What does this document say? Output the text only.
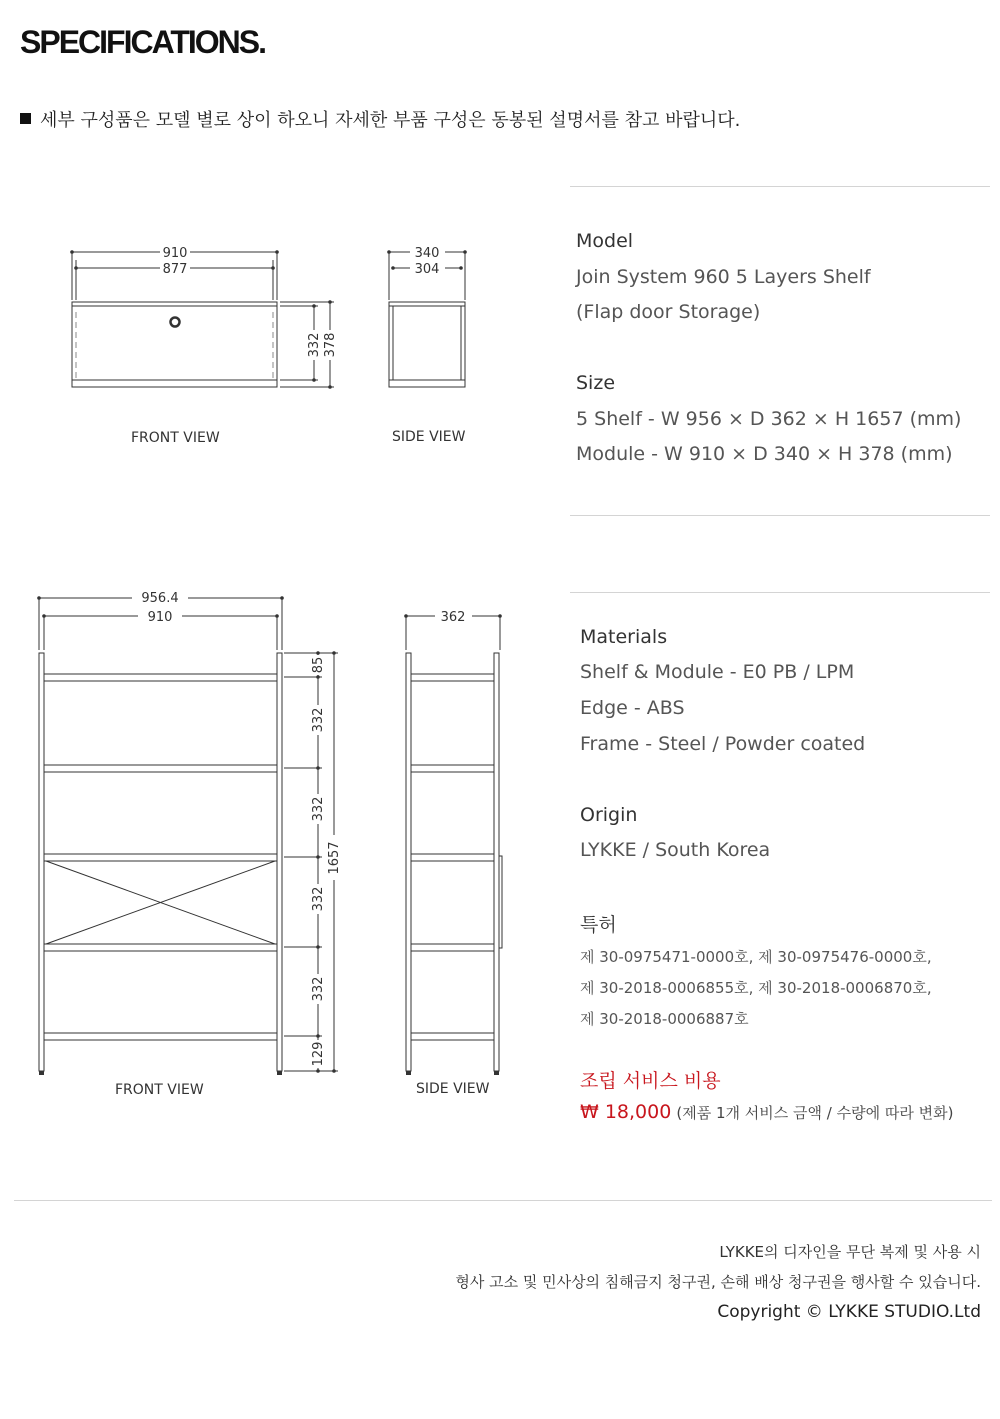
SPECIFICATIONS.
세부 구성품은 모델 별로 상이 하오니 자세한 부품 구성은 동봉된 설명서를 참고 바랍니다.
910
877
332 378
340
304
FRONT VIEW	SIDE VIEW
956.4
910	362
85
332
332
332
332
129
1657
FRONT VIEW	SIDE VIEW
Model
Join System 960 5 Layers Shelf
(Flap door Storage)
Size
5 Shelf - W 956 × D 362 × H 1657 (mm)
Module - W 910 × D 340 × H 378 (mm)
Materials
Shelf & Module - E0 PB / LPM
Edge - ABS
Frame - Steel / Powder coated
Origin
LYKKE / South Korea
특허
제 30-0975471-0000호, 제 30-0975476-0000호,
제 30-2018-0006855호, 제 30-2018-0006870호,
제 30-2018-0006887호
조립 서비스 비용
₩ 18,000 (제품 1개 서비스 금액 / 수량에 따라 변화)
LYKKE의 디자인을 무단 복제 및 사용 시
형사 고소 및 민사상의 침해금지 청구권, 손해 배상 청구권을 행사할 수 있습니다.
Copyright © LYKKE STUDIO.Ltd
